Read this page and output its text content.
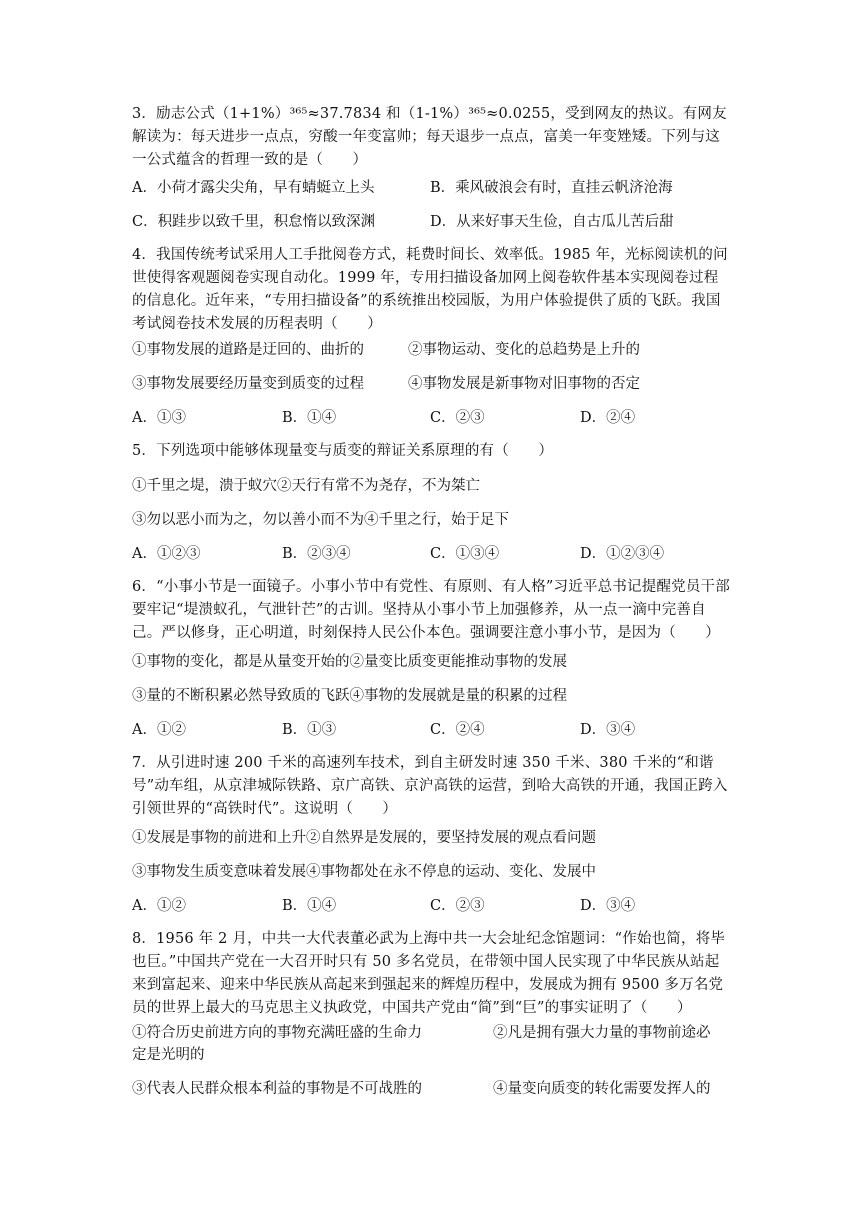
3．励志公式（1+1%）³⁶⁵≈37.7834 和（1-1%）³⁶⁵≈0.0255，受到网友的热议。有网友解读为：每天进步一点点，穷酸一年变富帅；每天退步一点点，富美一年变矬矮。下列与这一公式蕴含的哲理一致的是（　　）
A．小荷才露尖尖角，早有蜻蜓立上头	B．乘风破浪会有时，直挂云帆济沧海
C．积跬步以致千里，积怠惰以致深渊	D．从来好事天生俭，自古瓜儿苦后甜
4．我国传统考试采用人工手批阅卷方式，耗费时间长、效率低。1985 年，光标阅读机的问世使得客观题阅卷实现自动化。1999 年，专用扫描设备加网上阅卷软件基本实现阅卷过程的信息化。近年来，“专用扫描设备”的系统推出校园版，为用户体验提供了质的飞跃。我国考试阅卷技术发展的历程表明（　　）
①事物发展的道路是迂回的、曲折的	②事物运动、变化的总趋势是上升的
③事物发展要经历量变到质变的过程	④事物发展是新事物对旧事物的否定
A．①③	B．①④	C．②③	D．②④
5．下列选项中能够体现量变与质变的辩证关系原理的有（　　）
①千里之堤，溃于蚁穴②天行有常不为尧存，不为桀亡
③勿以恶小而为之，勿以善小而不为④千里之行，始于足下
A．①②③	B．②③④	C．①③④	D．①②③④
6．“小事小节是一面镜子。小事小节中有党性、有原则、有人格”习近平总书记提醒党员干部要牢记“堤溃蚁孔，气泄针芒”的古训。坚持从小事小节上加强修养，从一点一滴中完善自己。严以修身，正心明道，时刻保持人民公仆本色。强调要注意小事小节，是因为（　　）
①事物的变化，都是从量变开始的②量变比质变更能推动事物的发展
③量的不断积累必然导致质的飞跃④事物的发展就是量的积累的过程
A．①②	B．①③	C．②④	D．③④
7．从引进时速 200 千米的高速列车技术，到自主研发时速 350 千米、380 千米的“和谐号”动车组，从京津城际铁路、京广高铁、京沪高铁的运营，到哈大高铁的开通，我国正跨入引领世界的“高铁时代”。这说明（　　）
①发展是事物的前进和上升②自然界是发展的，要坚持发展的观点看问题
③事物发生质变意味着发展④事物都处在永不停息的运动、变化、发展中
A．①②	B．①④	C．②③	D．③④
8．1956 年 2 月，中共一大代表董必武为上海中共一大会址纪念馆题词：“作始也简，将毕也巨。”中国共产党在一大召开时只有 50 多名党员，在带领中国人民实现了中华民族从站起来到富起来、迎来中华民族从高起来到强起来的辉煌历程中，发展成为拥有 9500 多万名党员的世界上最大的马克思主义执政党，中国共产党由“简”到“巨”的事实证明了（　　）
①符合历史前进方向的事物充满旺盛的生命力定是光明的
②凡是拥有强大力量的事物前途必
③代表人民群众根本利益的事物是不可战胜的	④量变向质变的转化需要发挥人的
